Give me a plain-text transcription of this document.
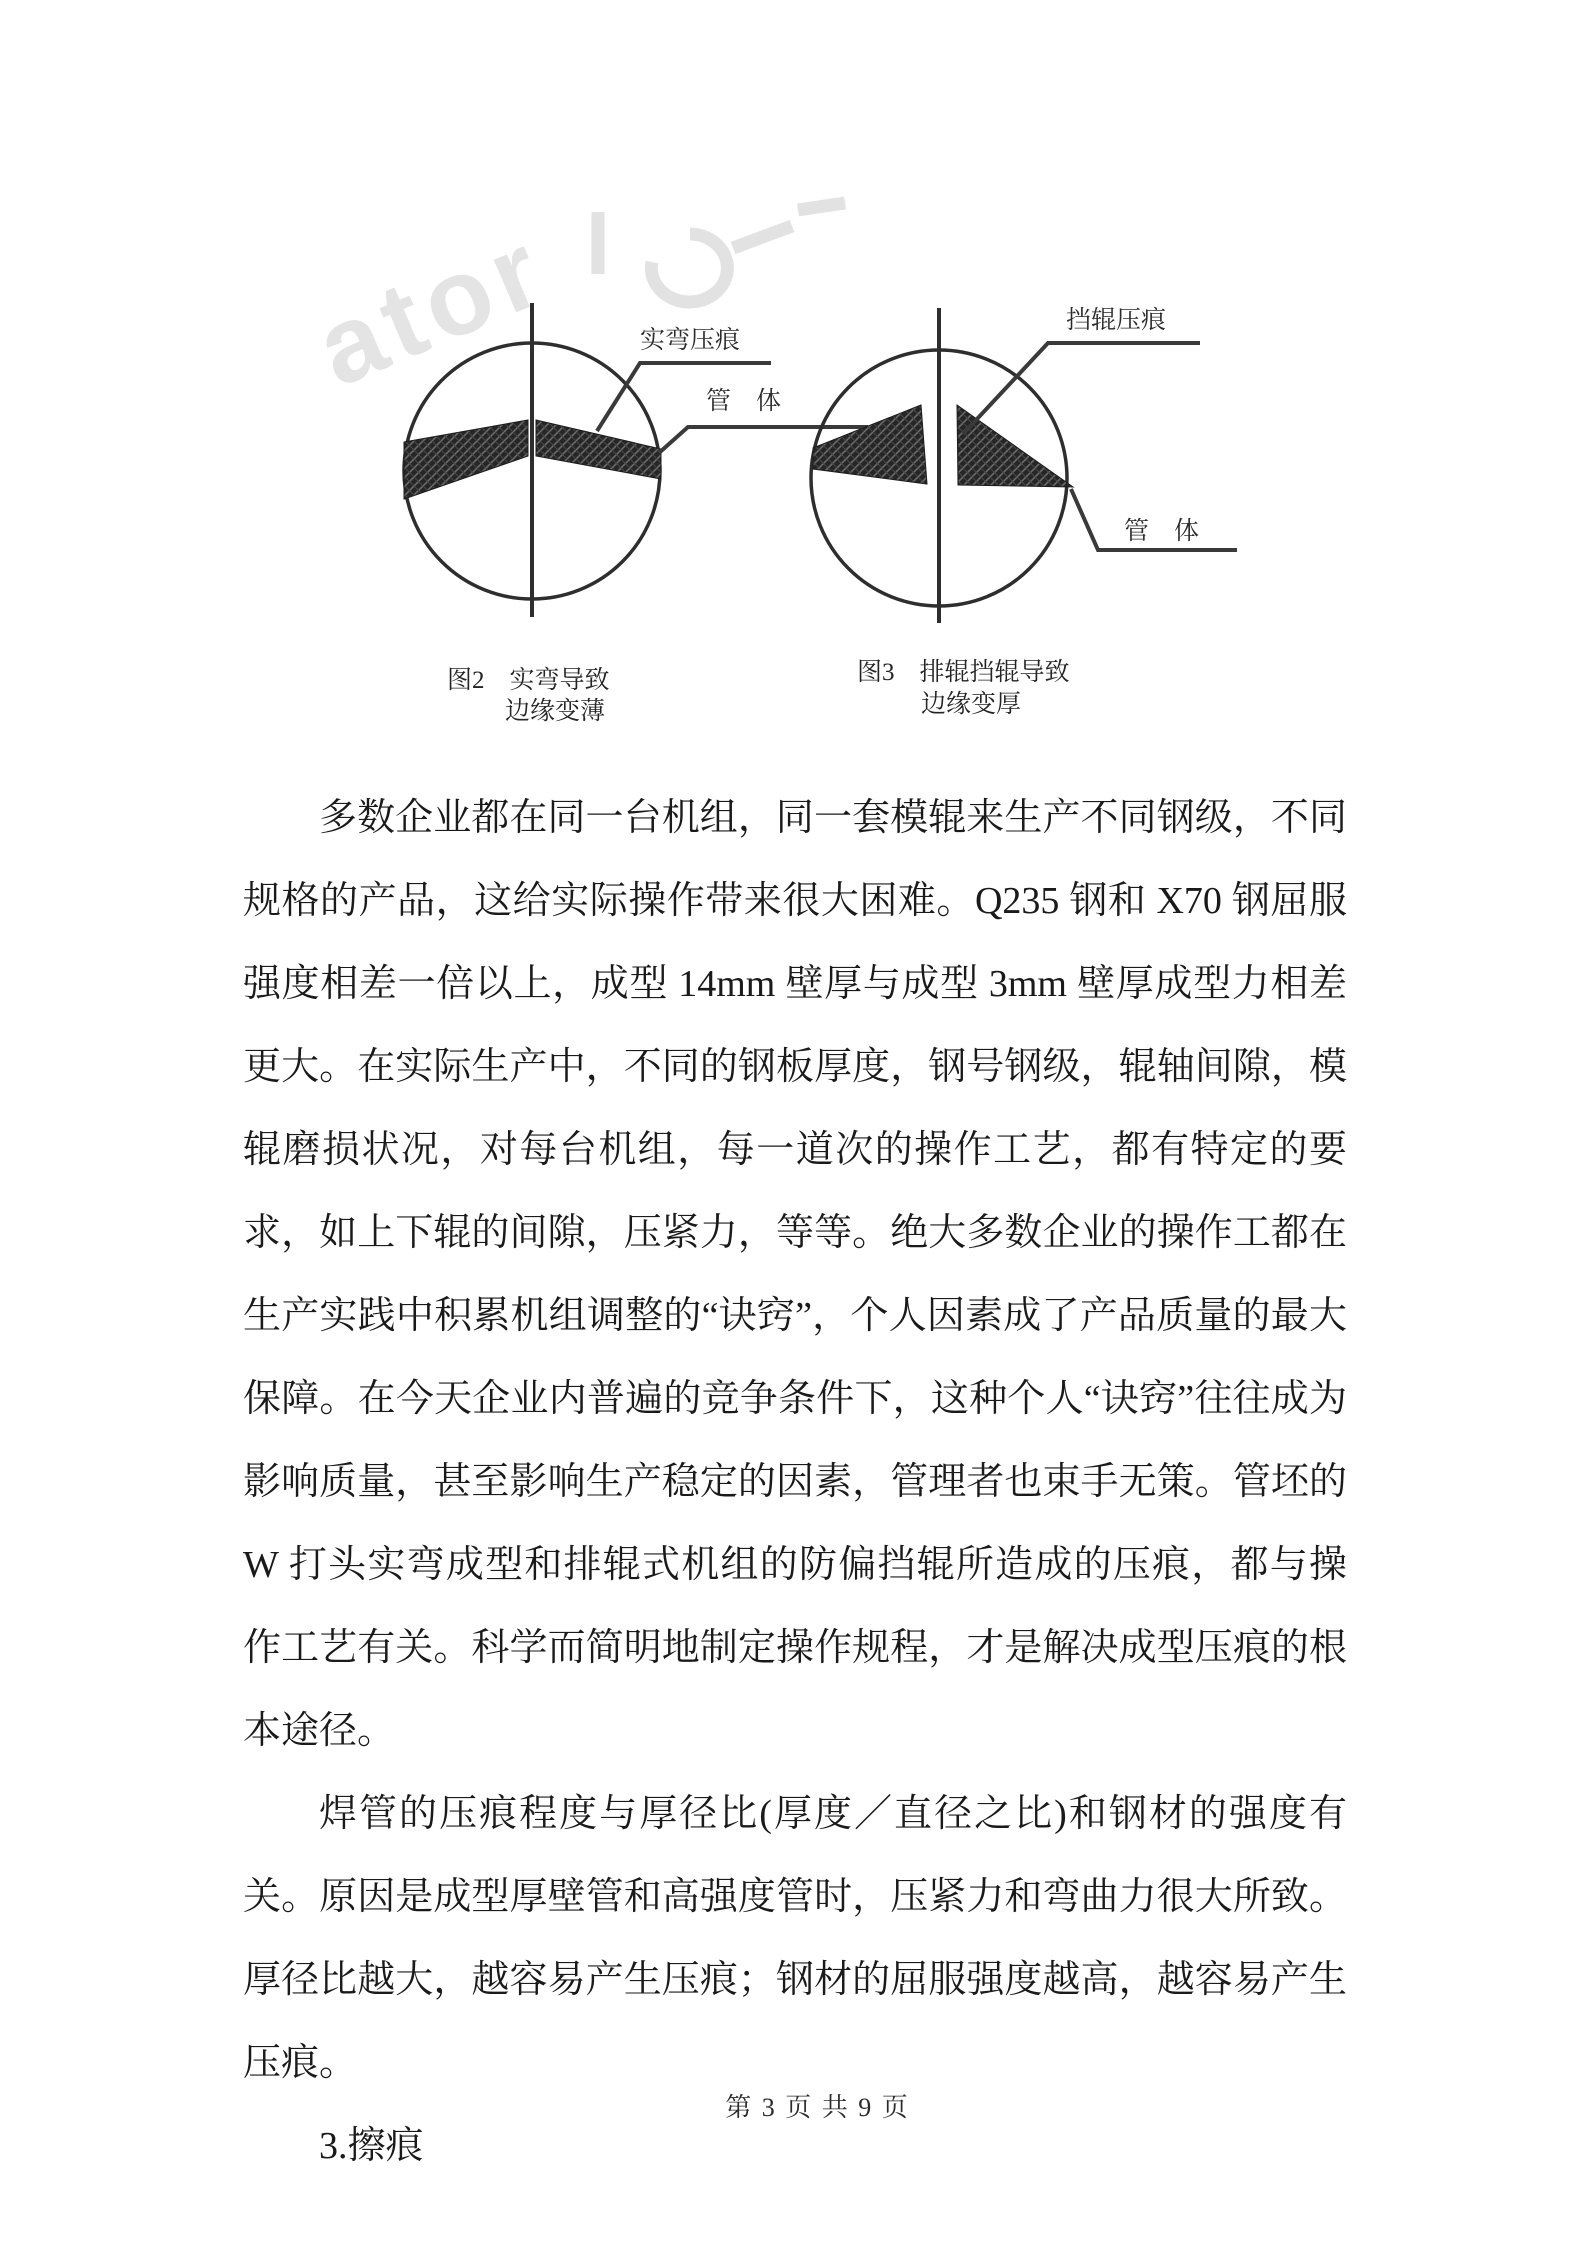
ator	实弯压痕
管　体
图2　实弯导致
边缘变薄
挡辊压痕
管　体
图3　排辊挡辊导致
边缘变厚

多数企业都在同一台机组，同一套模辊来生产不同钢级，不同规格的产品，这给实际操作带来很大困难。Q235 钢和 X70 钢屈服强度相差一倍以上，成型 14mm 壁厚与成型 3mm 壁厚成型力相差更大。在实际生产中，不同的钢板厚度，钢号钢级，辊轴间隙，模辊磨损状况，对每台机组，每一道次的操作工艺，都有特定的要求，如上下辊的间隙，压紧力，等等。绝大多数企业的操作工都在生产实践中积累机组调整的“诀窍”，个人因素成了产品质量的最大保障。在今天企业内普遍的竞争条件下，这种个人“诀窍”往往成为影响质量，甚至影响生产稳定的因素，管理者也束手无策。管坯的 W 打头实弯成型和排辊式机组的防偏挡辊所造成的压痕，都与操作工艺有关。科学而简明地制定操作规程，才是解决成型压痕的根本途径。

焊管的压痕程度与厚径比(厚度／直径之比)和钢材的强度有关。原因是成型厚壁管和高强度管时，压紧力和弯曲力很大所致。厚径比越大，越容易产生压痕；钢材的屈服强度越高，越容易产生压痕。

3.擦痕

第 3 页 共 9 页
